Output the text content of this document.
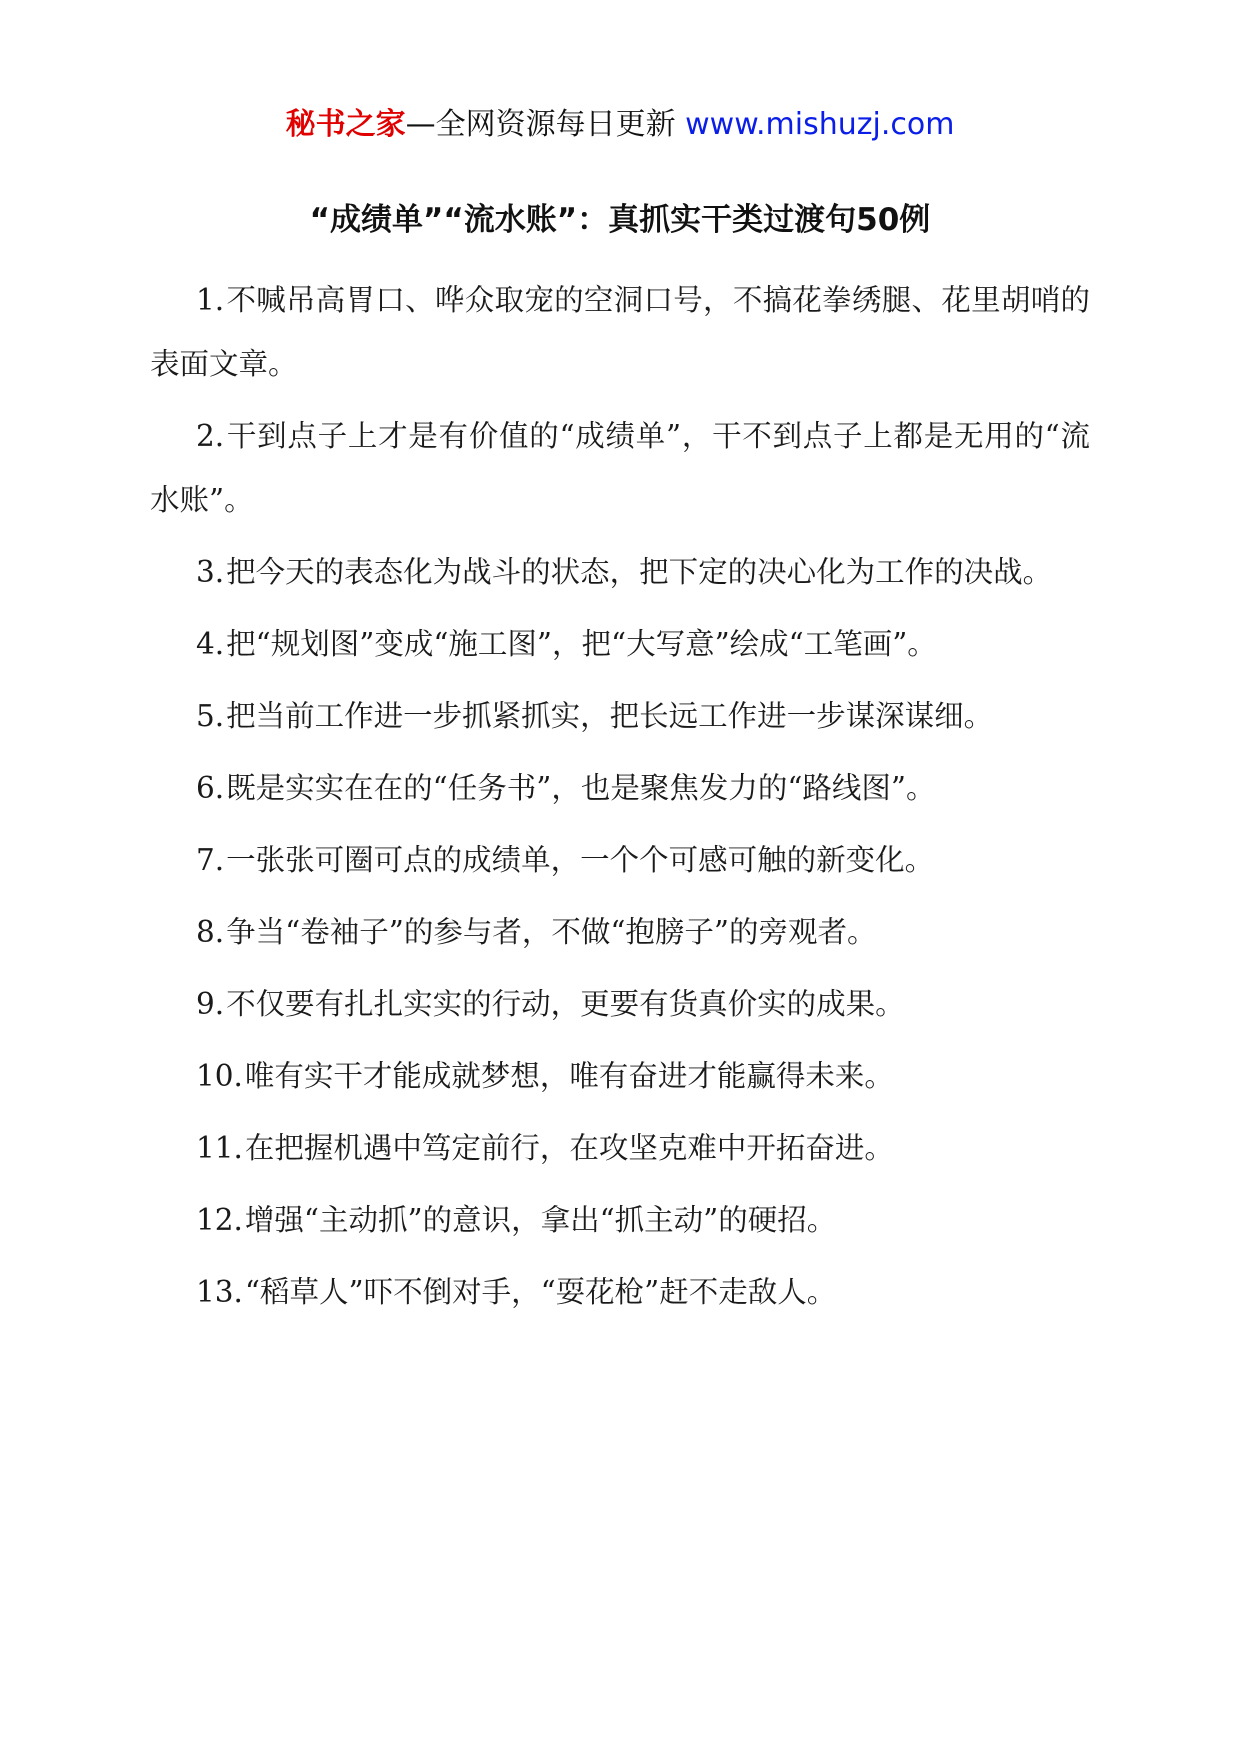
秘书之家—全网资源每日更新 www.mishuzj.com
“成绩单”“流水账”：真抓实干类过渡句50例

1.不喊吊高胃口、哗众取宠的空洞口号，不搞花拳绣腿、花里胡哨的表面文章。

2.干到点子上才是有价值的“成绩单”，干不到点子上都是无用的“流水账”。

3.把今天的表态化为战斗的状态，把下定的决心化为工作的决战。

4.把“规划图”变成“施工图”，把“大写意”绘成“工笔画”。

5.把当前工作进一步抓紧抓实，把长远工作进一步谋深谋细。

6.既是实实在在的“任务书”，也是聚焦发力的“路线图”。

7.一张张可圈可点的成绩单，一个个可感可触的新变化。

8.争当“卷袖子”的参与者，不做“抱膀子”的旁观者。

9.不仅要有扎扎实实的行动，更要有货真价实的成果。

10.唯有实干才能成就梦想，唯有奋进才能赢得未来。

11.在把握机遇中笃定前行，在攻坚克难中开拓奋进。

12.增强“主动抓”的意识，拿出“抓主动”的硬招。

13.“稻草人”吓不倒对手，“耍花枪”赶不走敌人。
